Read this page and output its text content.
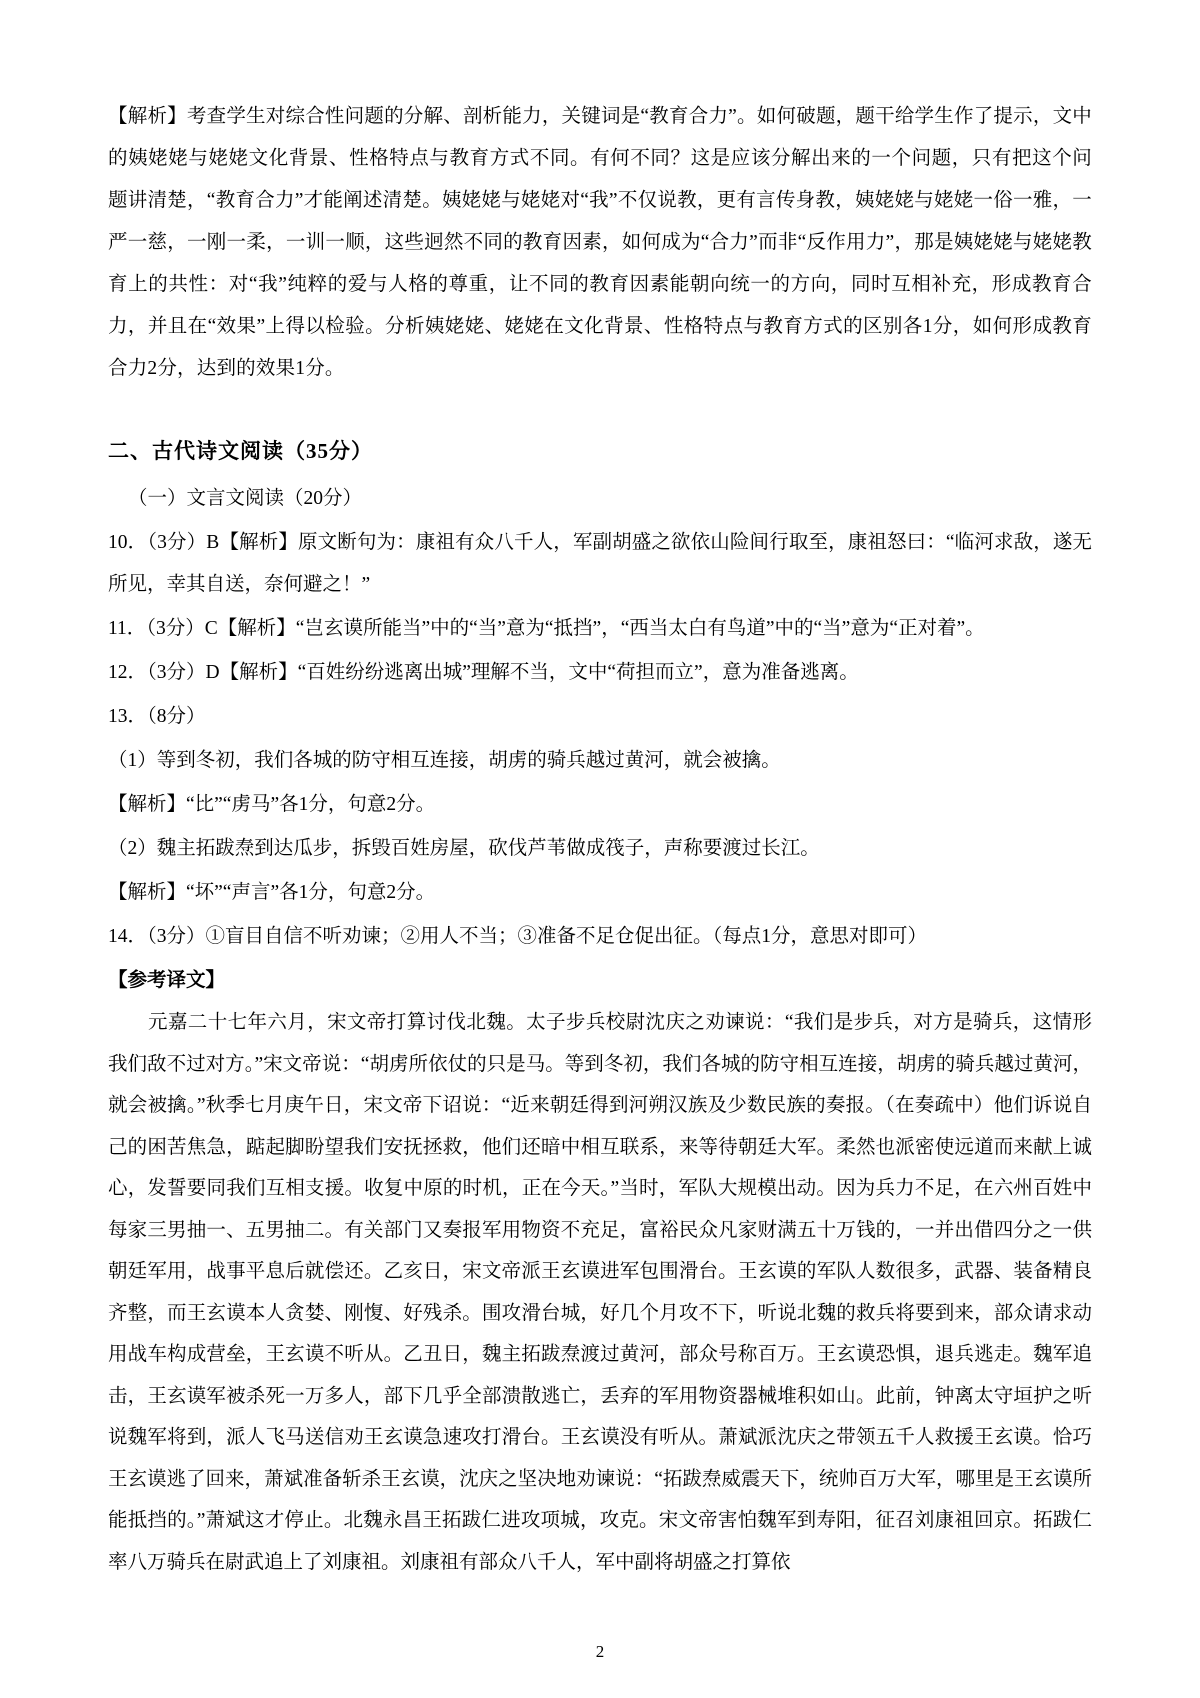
【解析】考查学生对综合性问题的分解、剖析能力，关键词是“教育合力”。如何破题，题干给学生作了提示，文中的姨姥姥与姥姥文化背景、性格特点与教育方式不同。有何不同？这是应该分解出来的一个问题，只有把这个问题讲清楚，“教育合力”才能阐述清楚。姨姥姥与姥姥对“我”不仅说教，更有言传身教，姨姥姥与姥姥一俗一雅，一严一慈，一刚一柔，一训一顺，这些迥然不同的教育因素，如何成为“合力”而非“反作用力”，那是姨姥姥与姥姥教育上的共性：对“我”纯粹的爱与人格的尊重，让不同的教育因素能朝向统一的方向，同时互相补充，形成教育合力，并且在“效果”上得以检验。分析姨姥姥、姥姥在文化背景、性格特点与教育方式的区别各1分，如何形成教育合力2分，达到的效果1分。

二、古代诗文阅读（35分）

（一）文言文阅读（20分）

10．（3分）B【解析】原文断句为：康祖有众八千人，军副胡盛之欲依山险间行取至，康祖怒曰：“临河求敌，遂无所见，幸其自送，奈何避之！”

11．（3分）C【解析】“岂玄谟所能当”中的“当”意为“抵挡”，“西当太白有鸟道”中的“当”意为“正对着”。

12．（3分）D【解析】“百姓纷纷逃离出城”理解不当，文中“荷担而立”，意为准备逃离。

13．（8分）

（1）等到冬初，我们各城的防守相互连接，胡虏的骑兵越过黄河，就会被擒。

【解析】“比”“虏马”各1分，句意2分。

（2）魏主拓跋焘到达瓜步，拆毁百姓房屋，砍伐芦苇做成筏子，声称要渡过长江。

【解析】“坏”“声言”各1分，句意2分。

14．（3分）①盲目自信不听劝谏；②用人不当；③准备不足仓促出征。（每点1分，意思对即可）

【参考译文】

元嘉二十七年六月，宋文帝打算讨伐北魏。太子步兵校尉沈庆之劝谏说：“我们是步兵，对方是骑兵，这情形我们敌不过对方。”宋文帝说：“胡虏所依仗的只是马。等到冬初，我们各城的防守相互连接，胡虏的骑兵越过黄河，就会被擒。”秋季七月庚午日，宋文帝下诏说：“近来朝廷得到河朔汉族及少数民族的奏报。（在奏疏中）他们诉说自己的困苦焦急，踮起脚盼望我们安抚拯救，他们还暗中相互联系，来等待朝廷大军。柔然也派密使远道而来献上诚心，发誓要同我们互相支援。收复中原的时机，正在今天。”当时，军队大规模出动。因为兵力不足，在六州百姓中每家三男抽一、五男抽二。有关部门又奏报军用物资不充足，富裕民众凡家财满五十万钱的，一并出借四分之一供朝廷军用，战事平息后就偿还。乙亥日，宋文帝派王玄谟进军包围滑台。王玄谟的军队人数很多，武器、装备精良齐整，而王玄谟本人贪婪、刚愎、好残杀。围攻滑台城，好几个月攻不下，听说北魏的救兵将要到来，部众请求动用战车构成营垒，王玄谟不听从。乙丑日，魏主拓跋焘渡过黄河，部众号称百万。王玄谟恐惧，退兵逃走。魏军追击，王玄谟军被杀死一万多人，部下几乎全部溃散逃亡，丢弃的军用物资器械堆积如山。此前，钟离太守垣护之听说魏军将到，派人飞马送信劝王玄谟急速攻打滑台。王玄谟没有听从。萧斌派沈庆之带领五千人救援王玄谟。恰巧王玄谟逃了回来，萧斌准备斩杀王玄谟，沈庆之坚决地劝谏说：“拓跋焘威震天下，统帅百万大军，哪里是王玄谟所能抵挡的。”萧斌这才停止。北魏永昌王拓跋仁进攻项城，攻克。宋文帝害怕魏军到寿阳，征召刘康祖回京。拓跋仁率八万骑兵在尉武追上了刘康祖。刘康祖有部众八千人，军中副将胡盛之打算依

2
